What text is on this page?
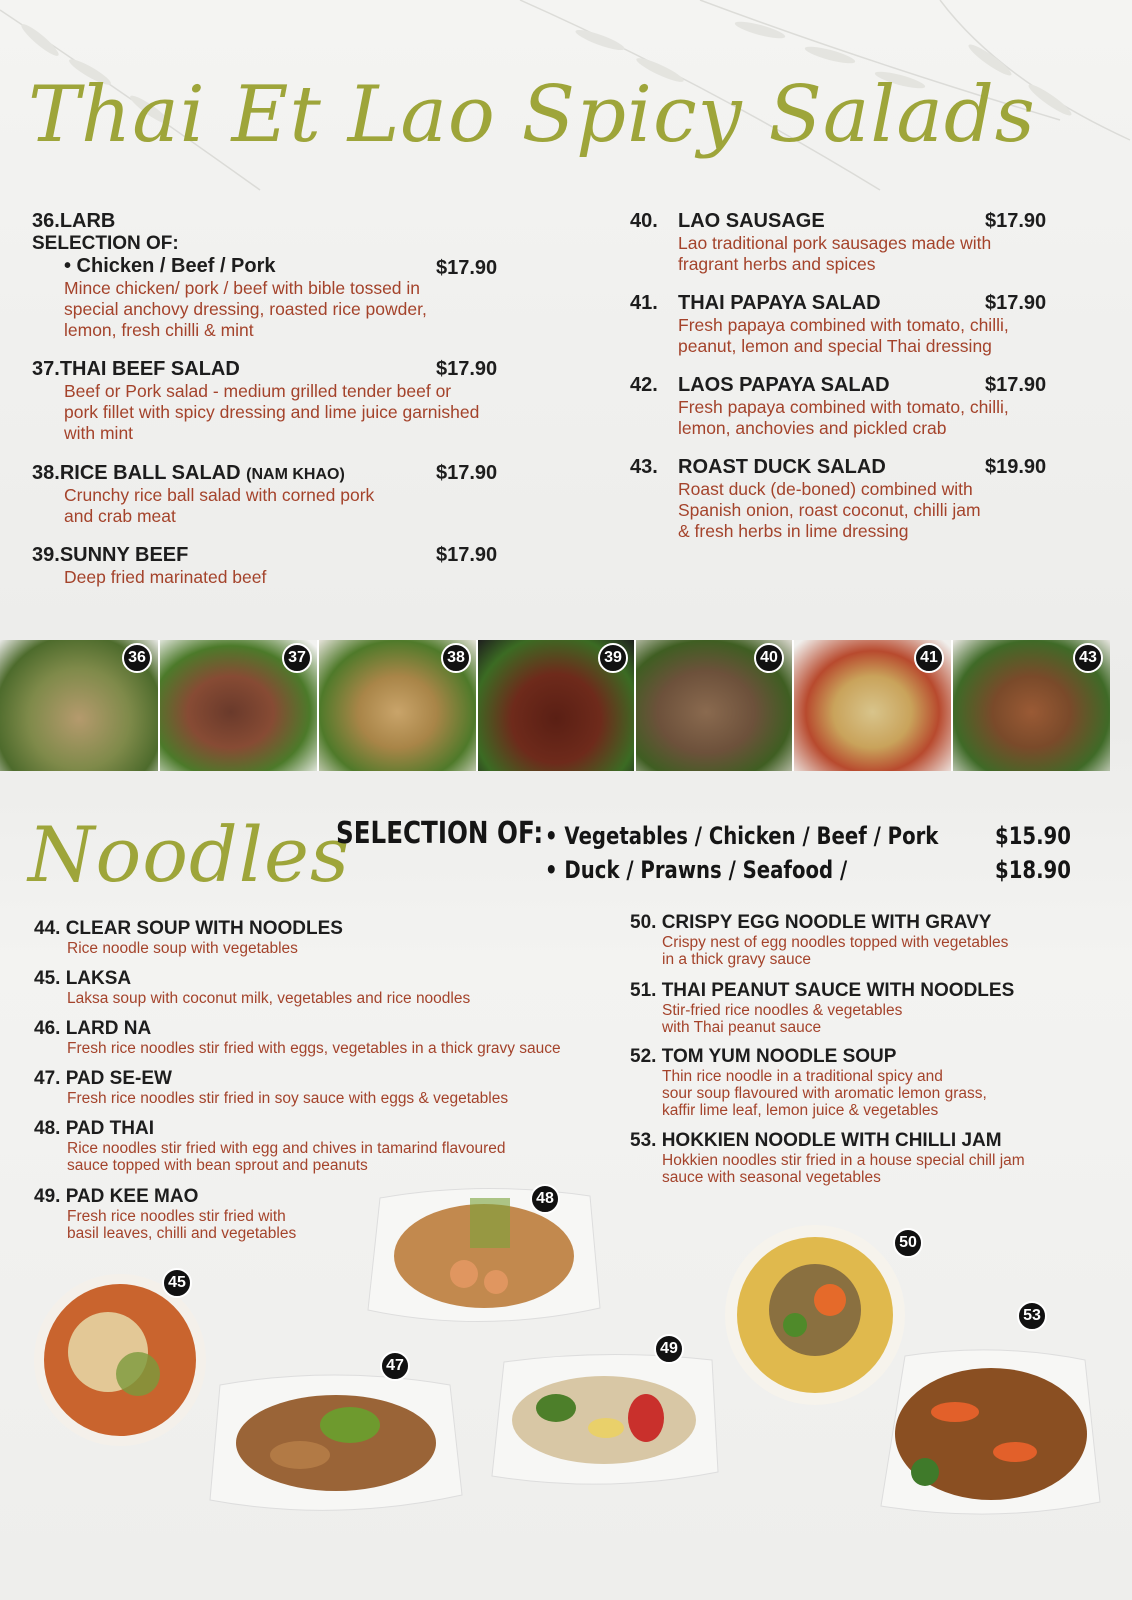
Thai Et Lao Spicy Salads
36.LARB
SELECTION OF:
• Chicken / Beef / Pork	$17.90
Mince chicken/ pork / beef with bible tossed in
special anchovy dressing, roasted rice powder,
lemon, fresh chilli & mint
37.THAI BEEF SALAD	$17.90
Beef or Pork salad - medium grilled tender beef or
pork fillet with spicy dressing and lime juice garnished
with mint
38.RICE BALL SALAD (NAM KHAO)	$17.90
Crunchy rice ball salad with corned pork
and crab meat
39.SUNNY BEEF	$17.90
Deep fried marinated beef
40. LAO SAUSAGE	$17.90
Lao traditional pork sausages made with
fragrant herbs and spices
41. THAI PAPAYA SALAD	$17.90
Fresh papaya combined with tomato, chilli,
peanut, lemon and special Thai dressing
42. LAOS PAPAYA SALAD	$17.90
Fresh papaya combined with tomato, chilli,
lemon, anchovies and pickled crab
43. ROAST DUCK SALAD	$19.90
Roast duck (de-boned) combined with
Spanish onion, roast coconut, chilli jam
& fresh herbs in lime dressing
36	37	38	39	40	41	43
Noodles
SELECTION OF: • Vegetables / Chicken / Beef / Pork	$15.90
• Duck / Prawns / Seafood /	$18.90
44. CLEAR SOUP WITH NOODLES
Rice noodle soup with vegetables
45. LAKSA
Laksa soup with coconut milk, vegetables and rice noodles
46. LARD NA
Fresh rice noodles stir fried with eggs, vegetables in a thick gravy sauce
47. PAD SE-EW
Fresh rice noodles stir fried in soy sauce with eggs & vegetables
48. PAD THAI
Rice noodles stir fried with egg and chives in tamarind flavoured
sauce topped with bean sprout and peanuts
49. PAD KEE MAO
Fresh rice noodles stir fried with
basil leaves, chilli and vegetables
50. CRISPY EGG NOODLE WITH GRAVY
Crispy nest of egg noodles topped with vegetables
in a thick gravy sauce
51. THAI PEANUT SAUCE WITH NOODLES
Stir-fried rice noodles & vegetables
with Thai peanut sauce
52. TOM YUM NOODLE SOUP
Thin rice noodle in a traditional spicy and
sour soup flavoured with aromatic lemon grass,
kaffir lime leaf, lemon juice & vegetables
53. HOKKIEN NOODLE WITH CHILLI JAM
Hokkien noodles stir fried in a house special chill jam
sauce with seasonal vegetables
45
47
48
49
50
53
